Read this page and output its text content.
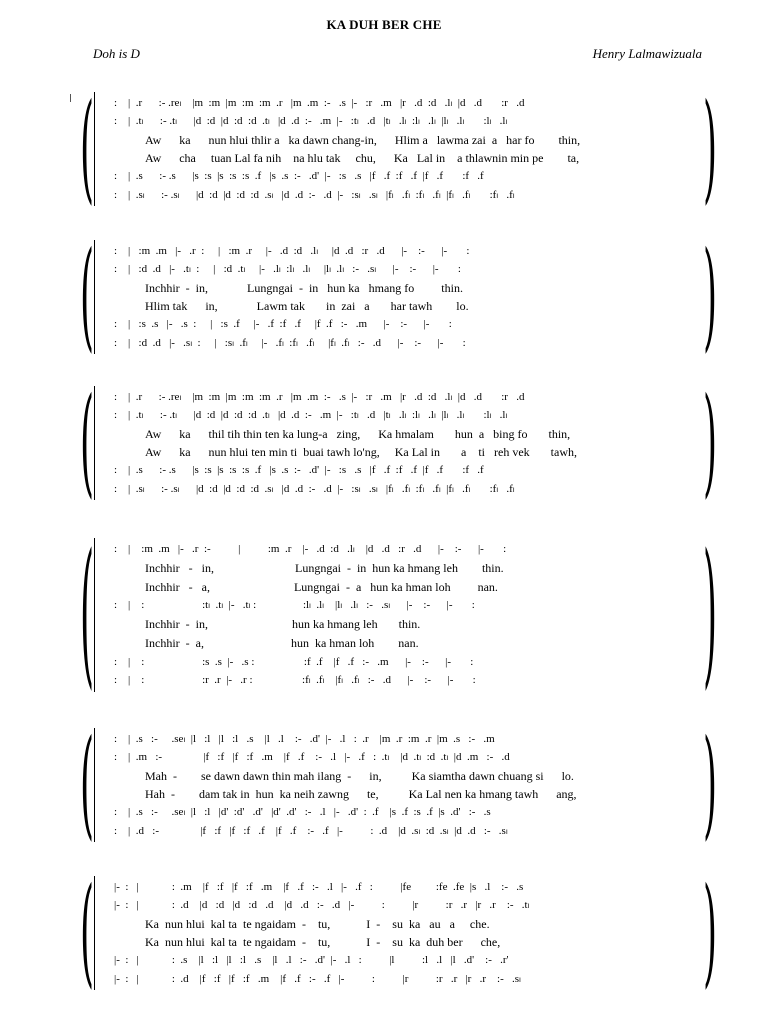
KA DUH BER CHE
Doh is D	Henry Lalmawizuala
(	)
:    |  .r      :- .reₗ    |m  :m  |m  :m  :m  .r   |m  .m  :-   .s  |-   :r   .m   |r   .d  :d   .lₗ  |d   .d       :r   .d
:    |  .tₗ      :- .tₗ      |d  :d  |d  :d  :d  .tₗ   |d  .d  :-   .m  |-   :tₗ   .d   |tₗ   .lₗ  :lₗ   .lₗ  |lₗ   .lₗ       :lₗ   .lₗ
Aw      ka      nun hlui thlir a   ka dawn chang-in,      Hlim a   lawma zai  a   har fo        thin,
Aw      cha     tuan Lal fa nih    na hlu tak     chu,      Ka   Lal in    a thlawnin min pe        ta,
:    |  .s      :- .s      |s  :s  |s  :s  :s  .f   |s  .s  :-   .d'  |-   :s   .s   |f   .f  :f   .f  |f   .f       :f   .f
:    |  .sₗ      :- .sₗ      |d  :d  |d  :d  :d  .sₗ   |d  .d  :-   .d  |-   :sₗ   .sₗ   |fₗ   .fₗ  :fₗ   .fₗ  |fₗ   .fₗ       :fₗ   .fₗ
(	)
:    |   :m  .m   |-   .r  :     |   :m  .r     |-   .d  :d   .lₗ     |d  .d   :r   .d      |-    :-      |-       :
:    |   :d  .d   |-   .tₗ  :     |   :d  .tₗ     |-   .lₗ  :lₗ   .lₗ     |lₗ  .lₗ   :-   .sₗ      |-    :-      |-       :
Inchhir  -  in,             Lungngai  -  in   hun ka   hmang fo         thin.
Hlim tak      in,             Lawm tak       in  zai   a       har tawh        lo.
:    |   :s  .s   |-   .s  :     |   :s  .f     |-   .f  :f   .f     |f  .f   :-   .m      |-    :-      |-       :
:    |   :d  .d   |-   .sₗ  :     |   :sₗ  .fₗ     |-   .fₗ  :fₗ   .fₗ     |fₗ  .fₗ   :-   .d      |-    :-      |-       :
(	)
:    |  .r      :- .reₗ    |m  :m  |m  :m  :m  .r   |m  .m  :-   .s  |-   :r   .m   |r   .d  :d   .lₗ  |d   .d       :r   .d
:    |  .tₗ      :- .tₗ      |d  :d  |d  :d  :d  .tₗ   |d  .d  :-   .m  |-   :tₗ   .d   |tₗ   .lₗ  :lₗ   .lₗ  |lₗ   .lₗ       :lₗ   .lₗ
Aw      ka      thil tih thin ten ka lung-a   zing,      Ka hmalam       hun  a   bing fo       thin,
Aw      ka      nun hlui ten min ti  buai tawh lo'ng,     Ka Lal in       a    ti   reh vek       tawh,
:    |  .s      :- .s      |s  :s  |s  :s  :s  .f   |s  .s  :-   .d'  |-   :s   .s   |f   .f  :f   .f  |f   .f       :f   .f
:    |  .sₗ      :- .sₗ      |d  :d  |d  :d  :d  .sₗ   |d  .d  :-   .d  |-   :sₗ   .sₗ   |fₗ   .fₗ  :fₗ   .fₗ  |fₗ   .fₗ       :fₗ   .fₗ
(	)
:    |    :m  .m   |-   .r  :-          |          :m  .r    |-   .d  :d   .lₗ    |d   .d   :r   .d      |-    :-      |-       :
Inchhir   -   in,                           Lungngai  -  in  hun ka hmang leh        thin.
Inchhir   -   a,                            Lungngai  -  a   hun ka hman loh         nan.
:    |    :                     :tₗ  .tₗ  |-   .tₗ :                 :lₗ  .lₗ    |lₗ   .lₗ   :-   .sₗ      |-    :-      |-       :
Inchhir  -  in,                            hun ka hmang leh       thin.
Inchhir  -  a,                             hun  ka hman loh        nan.
:    |    :                     :s  .s  |-   .s :                  :f  .f    |f   .f   :-   .m      |-    :-      |-       :
:    |    :                     :r  .r  |-   .r :                  :fₗ  .fₗ    |fₗ   .fₗ   :-   .d      |-    :-      |-       :
(	)
:    |  .s   :-     .seₗ  |l   :l   |l   :l   .s    |l   .l    :-   .d'  |-   .l   :  .r    |m  .r  :m  .r  |m  .s   :-   .m
:    |  .m   :-               |f   :f   |f   :f   .m    |f   .f    :-   .l   |-   .f   :  .tₗ    |d  .tₗ  :d  .tₗ  |d  .m   :-   .d
Mah  -        se dawn dawn thin mah ilang  -      in,          Ka siamtha dawn chuang si      lo.
Hah  -        dam tak in  hun  ka neih zawng      te,          Ka Lal nen ka hmang tawh      ang,
:    |  .s   :-     .seₗ  |l   :l   |d'  :d'   .d'   |d'  .d'   :-   .l   |-   .d'  :  .f    |s  .f  :s  .f  |s  .d'   :-   .s
:    |  .d   :-               |f   :f   |f   :f   .f    |f   .f    :-   .f   |-          :  .d    |d  .sₗ  :d  .sₗ  |d  .d   :-   .sₗ
(	)
|-  :   |            :  .m    |f   :f   |f   :f   .m    |f   .f   :-   .l   |-   .f   :          |fe         :fe  .fe  |s   .l    :-   .s
|-  :   |            :  .d    |d   :d   |d   :d   .d    |d   .d   :-   .d   |-          :          |r          :r   .r   |r   .r    :-   .tₗ
Ka  nun hlui  kal ta  te ngaidam  -    tu,            I  -    su  ka   au   a     che.
Ka  nun hlui  kal ta  te ngaidam  -    tu,            I  -    su  ka  duh ber      che,
|-  :   |            :  .s    |l   :l   |l   :l   .s    |l   .l   :-   .d'  |-   .l   :          |l          :l   .l   |l   .d'    :-   .r'
|-  :   |            :  .d    |f   :f   |f   :f   .m    |f   .f   :-   .f   |-          :          |r          :r   .r   |r   .r    :-   .sₗ
